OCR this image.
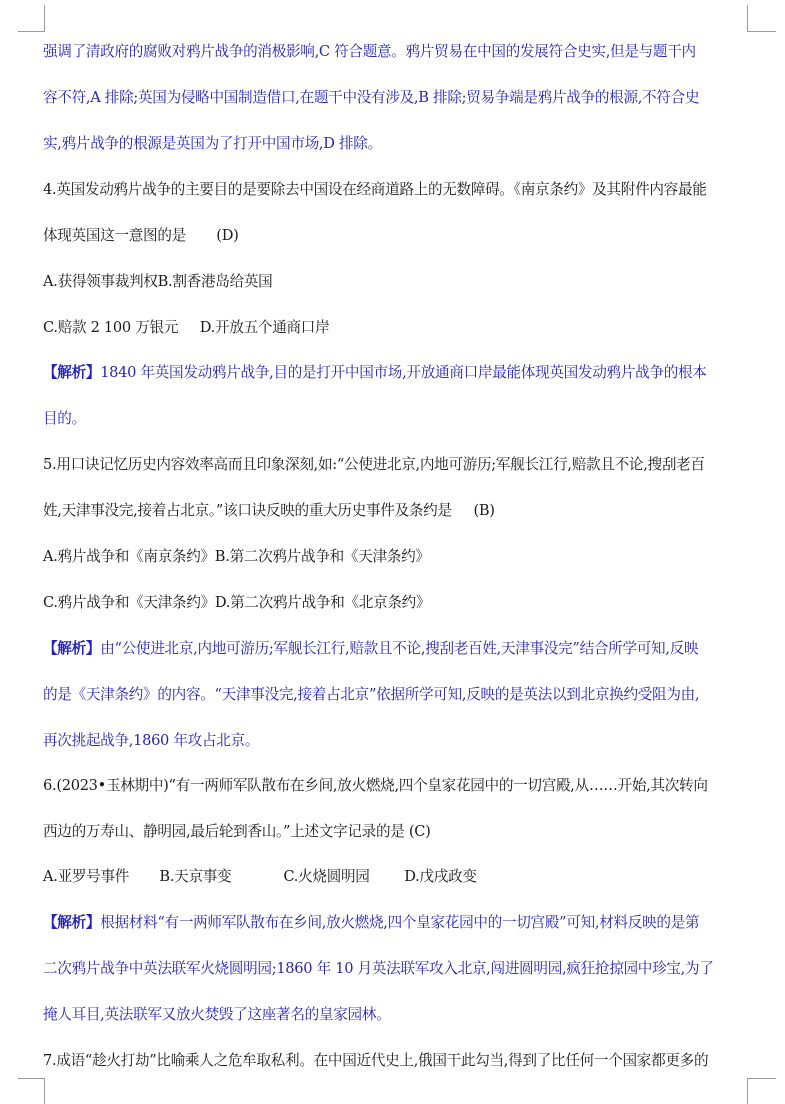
强调了清政府的腐败对鸦片战争的消极影响,C 符合题意。鸦片贸易在中国的发展符合史实,但是与题干内
容不符,A 排除;英国为侵略中国制造借口,在题干中没有涉及,B 排除;贸易争端是鸦片战争的根源,不符合史
实,鸦片战争的根源是英国为了打开中国市场,D 排除。
4.英国发动鸦片战争的主要目的是要除去中国设在经商道路上的无数障碍。《南京条约》及其附件内容最能
体现英国这一意图的是       (D)
A.获得领事裁判权B.割香港岛给英国
C.赔款 2 100 万银元     D.开放五个通商口岸
【解析】1840 年英国发动鸦片战争,目的是打开中国市场,开放通商口岸最能体现英国发动鸦片战争的根本
目的。
5.用口诀记忆历史内容效率高而且印象深刻,如:“公使进北京,内地可游历;军舰长江行,赔款且不论,搜刮老百
姓,天津事没完,接着占北京。”该口诀反映的重大历史事件及条约是     (B)
A.鸦片战争和《南京条约》B.第二次鸦片战争和《天津条约》
C.鸦片战争和《天津条约》D.第二次鸦片战争和《北京条约》
【解析】由“公使进北京,内地可游历;军舰长江行,赔款且不论,搜刮老百姓,天津事没完”结合所学可知,反映
的是《天津条约》的内容。“天津事没完,接着占北京”依据所学可知,反映的是英法以到北京换约受阻为由,
再次挑起战争,1860 年攻占北京。
6.(2023•玉林期中)“有一两师军队散布在乡间,放火燃烧,四个皇家花园中的一切宫殿,从……开始,其次转向
西边的万寿山、静明园,最后轮到香山。”上述文字记录的是 (C)
A.亚罗号事件       B.天京事变            C.火烧圆明园        D.戊戌政变
【解析】根据材料“有一两师军队散布在乡间,放火燃烧,四个皇家花园中的一切宫殿”可知,材料反映的是第
二次鸦片战争中英法联军火烧圆明园;1860 年 10 月英法联军攻入北京,闯进圆明园,疯狂抢掠园中珍宝,为了
掩人耳目,英法联军又放火焚毁了这座著名的皇家园林。
7.成语“趁火打劫”比喻乘人之危牟取私利。在中国近代史上,俄国干此勾当,得到了比任何一个国家都更多的
